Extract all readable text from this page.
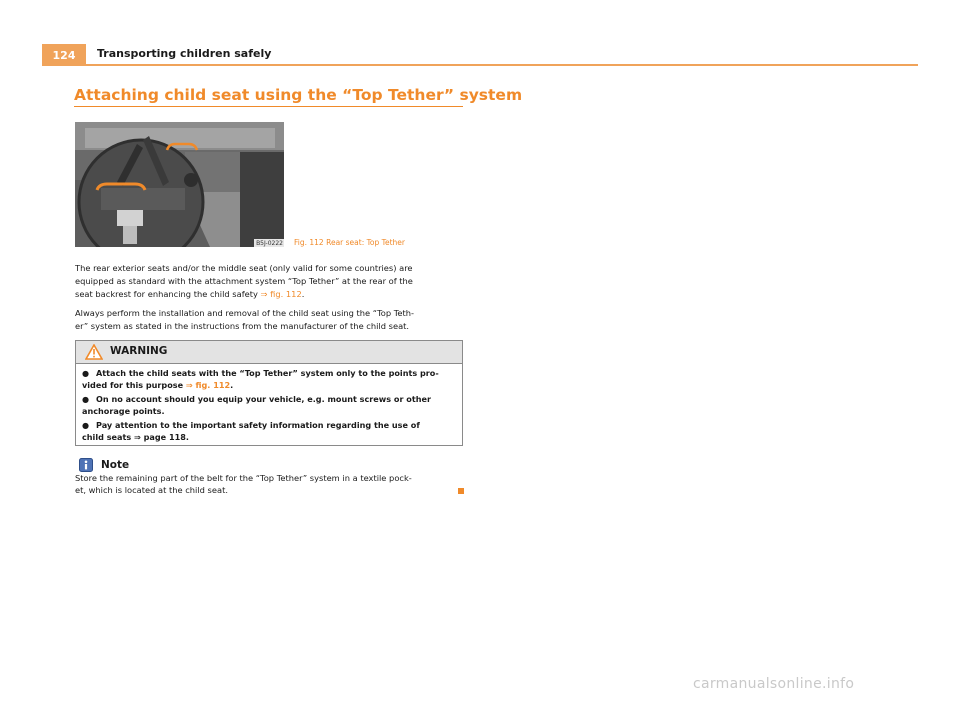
124	Transporting children safely
Attaching child seat using the “Top Tether” system
B5J-0222 Fig. 112 Rear seat: Top Tether

The rear exterior seats and/or the middle seat (only valid for some countries) are
equipped as standard with the attachment system “Top Tether” at the rear of the
seat backrest for enhancing the child safety ⇒ fig. 112.

Always perform the installation and removal of the child seat using the “Top Teth-
er” system as stated in the instructions from the manufacturer of the child seat.

WARNING
● Attach the child seats with the “Top Tether” system only to the points pro-
vided for this purpose ⇒ fig. 112.
● On no account should you equip your vehicle, e.g. mount screws or other
anchorage points.
● Pay attention to the important safety information regarding the use of
child seats ⇒ page 118.
Note

Store the remaining part of the belt for the “Top Tether” system in a textile pock-
et, which is located at the child seat.

carmanualsonline.info
